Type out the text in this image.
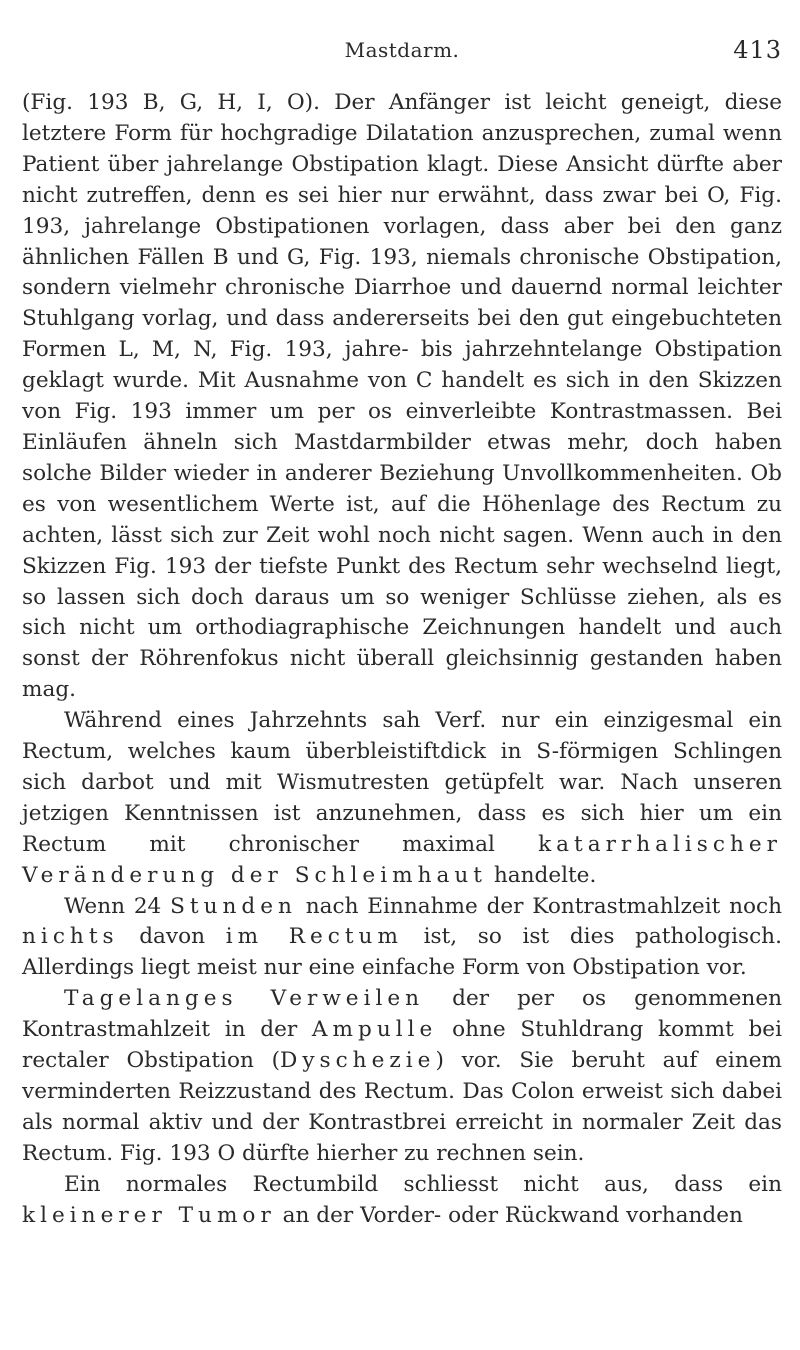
Mastdarm.	413

(Fig. 193 B, G, H, I, O). Der Anfänger ist leicht geneigt, diese letztere Form für hochgradige Dilatation anzusprechen, zumal wenn Patient über jahrelange Obstipation klagt. Diese Ansicht dürfte aber nicht zutreffen, denn es sei hier nur erwähnt, dass zwar bei O, Fig. 193, jahrelange Obstipationen vorlagen, dass aber bei den ganz ähnlichen Fällen B und G, Fig. 193, niemals chronische Obstipation, sondern vielmehr chronische Diarrhoe und dauernd normal leichter Stuhlgang vorlag, und dass andererseits bei den gut eingebuchteten Formen L, M, N, Fig. 193, jahre- bis jahrzehntelange Obstipation geklagt wurde. Mit Ausnahme von C handelt es sich in den Skizzen von Fig. 193 immer um per os einverleibte Kontrastmassen. Bei Einläufen ähneln sich Mastdarmbilder etwas mehr, doch haben solche Bilder wieder in anderer Beziehung Unvollkommenheiten. Ob es von wesentlichem Werte ist, auf die Höhenlage des Rectum zu achten, lässt sich zur Zeit wohl noch nicht sagen. Wenn auch in den Skizzen Fig. 193 der tiefste Punkt des Rectum sehr wechselnd liegt, so lassen sich doch daraus um so weniger Schlüsse ziehen, als es sich nicht um orthodiagraphische Zeichnungen handelt und auch sonst der Röhrenfokus nicht überall gleichsinnig gestanden haben mag.

Während eines Jahrzehnts sah Verf. nur ein einzigesmal ein Rectum, welches kaum überbleistiftdick in S-förmigen Schlingen sich darbot und mit Wismutresten getüpfelt war. Nach unseren jetzigen Kenntnissen ist anzunehmen, dass es sich hier um ein Rectum mit chronischer maximal katarrhalischer Veränderung der Schleimhaut handelte.

Wenn 24 Stunden nach Einnahme der Kontrastmahlzeit noch nichts davon im Rectum ist, so ist dies pathologisch. Allerdings liegt meist nur eine einfache Form von Obstipation vor.

Tagelanges Verweilen der per os genommenen Kontrastmahlzeit in der Ampulle ohne Stuhldrang kommt bei rectaler Obstipation (Dyschezie) vor. Sie beruht auf einem verminderten Reizzustand des Rectum. Das Colon erweist sich dabei als normal aktiv und der Kontrastbrei erreicht in normaler Zeit das Rectum. Fig. 193 O dürfte hierher zu rechnen sein.

Ein normales Rectumbild schliesst nicht aus, dass ein kleinerer Tumor an der Vorder- oder Rückwand vorhanden
